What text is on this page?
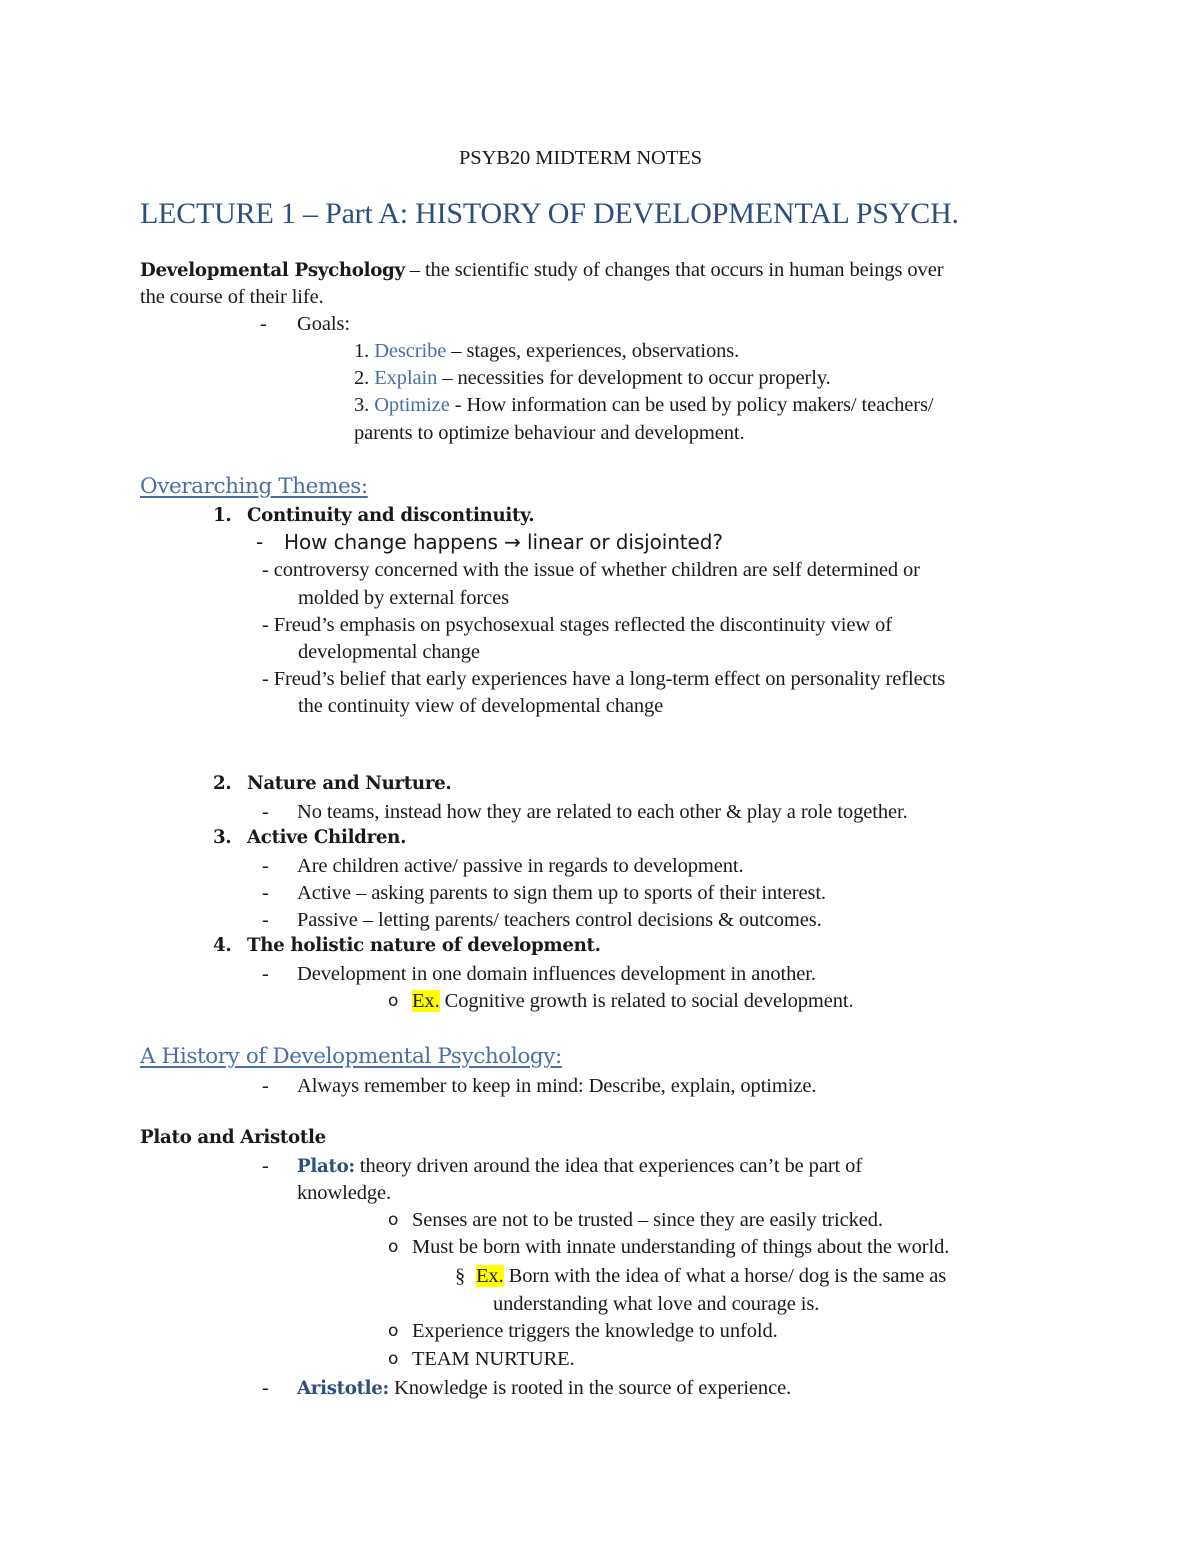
PSYB20 MIDTERM NOTES
LECTURE 1 – Part A: HISTORY OF DEVELOPMENTAL PSYCH.
Developmental Psychology – the scientific study of changes that occurs in human beings over
the course of their life.
- Goals:
1. Describe – stages, experiences, observations.
2. Explain – necessities for development to occur properly.
3. Optimize - How information can be used by policy makers/ teachers/
parents to optimize behaviour and development.
Overarching Themes:
1. Continuity and discontinuity.
- How change happens → linear or disjointed?
- controversy concerned with the issue of whether children are self determined or
molded by external forces
- Freud’s emphasis on psychosexual stages reflected the discontinuity view of
developmental change
- Freud’s belief that early experiences have a long-term effect on personality reflects
the continuity view of developmental change
2. Nature and Nurture.
- No teams, instead how they are related to each other & play a role together.
3. Active Children.
- Are children active/ passive in regards to development.
- Active – asking parents to sign them up to sports of their interest.
- Passive – letting parents/ teachers control decisions & outcomes.
4. The holistic nature of development.
- Development in one domain influences development in another.
o Ex. Cognitive growth is related to social development.
A History of Developmental Psychology:
- Always remember to keep in mind: Describe, explain, optimize.
Plato and Aristotle
- Plato: theory driven around the idea that experiences can’t be part of
knowledge.
o Senses are not to be trusted – since they are easily tricked.
o Must be born with innate understanding of things about the world.
§ Ex. Born with the idea of what a horse/ dog is the same as
understanding what love and courage is.
o Experience triggers the knowledge to unfold.
o TEAM NURTURE.
- Aristotle: Knowledge is rooted in the source of experience.
